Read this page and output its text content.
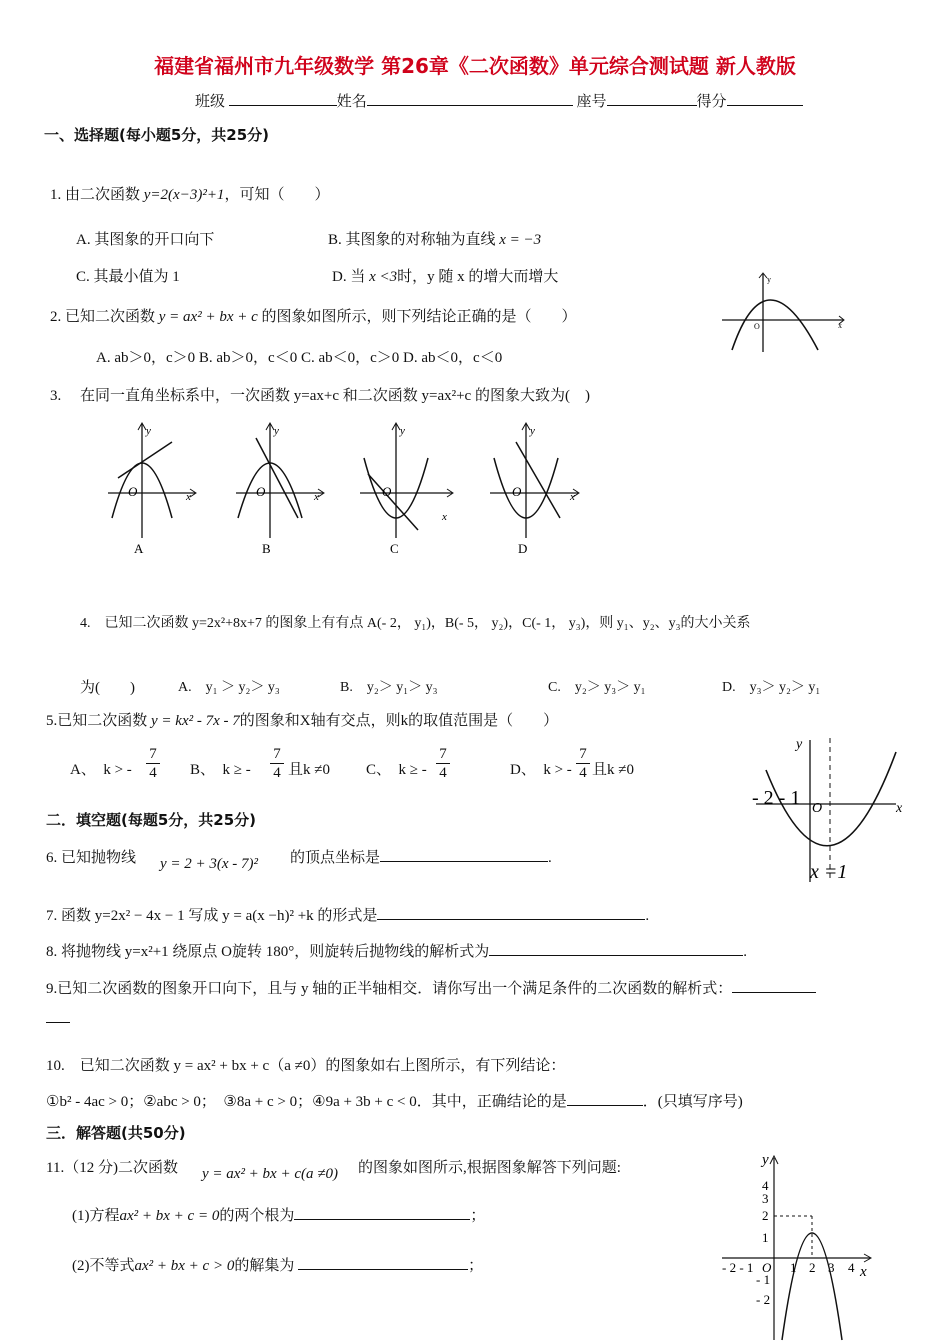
福建省福州市九年级数学 第26章《二次函数》单元综合测试题 新人教版
班级	姓名	座号	得分
一、选择题(每小题5分，共25分)
1. 由二次函数 y=2(x−3)²+1，可知（　　）
A. 其图象的开口向下	B. 其图象的对称轴为直线 x = −3
C. 其最小值为 1	D. 当 x <3时，y 随 x 的增大而增大
2. 已知二次函数 y = ax² + bx + c 的图象如图所示，则下列结论正确的是（　　）
A. ab＞0，c＞0 B. ab＞0，c＜0 C. ab＜0，c＞0 D. ab＜0，c＜0
O	x
y
3.　 在同一直角坐标系中，一次函数 y=ax+c 和二次函数 y=ax²+c 的图象大致为(　)
O	x
y
A
O	x
y
B
O
x
y
C
O	x
y
D
4.　已知二次函数 y=2x²+8x+7 的图象上有有点 A(- 2， y₁)，B(- 5， y₂)，C(- 1， y₃)，则 y₁、y₂、y₃的大小关系
为(　　)	A.　y₁ ＞ y₂＞ y₃	B.　y₂＞ y₁＞ y₃	C.　y₂＞ y₃＞ y₁	D.　y₃＞ y₂＞ y₁
5.已知二次函数 y = kx² - 7x - 7的图象和X轴有交点，则k的取值范围是（　　）
A、　k > - $\frac{7}{4}$ B、　k ≥ - $\frac{7}{4}$ 且k ≠0 C、　k ≥ - $\frac{7}{4}$	D、　k > - $\frac{7}{4}$ 且k ≠0
y
x
O
- 2 - 1
x =1
二．填空题(每题5分，共25分)
6. 已知抛物线 y = 2 + 3(x - 7)² 的顶点坐标是	.
7. 函数 y=2x² − 4x − 1 写成 y = a(x −h)² +k 的形式是	.
8. 将抛物线 y=x²+1 绕原点 O旋转 180°，则旋转后抛物线的解析式为	.
9.已知二次函数的图象开口向下，且与 y 轴的正半轴相交．请你写出一个满足条件的二次函数的解析式：
10.　已知二次函数 y = ax² + bx + c（a ≠0）的图象如右上图所示，有下列结论：
①b² - 4ac > 0；②abc > 0；　③8a + c > 0；④9a + 3b + c < 0．其中，正确结论的是	．(只填写序号)
三．解答题(共50分)
11.（12 分)二次函数 y = ax² + bx + c(a ≠0) 的图象如图所示,根据图象解答下列问题:
(1)方程ax² + bx + c = 0的两个根为	；
(2)不等式ax² + bx + c > 0的解集为	；
y
x
4
3
2
1
- 1
- 2
- 2 - 1 O 1 2 3 4
